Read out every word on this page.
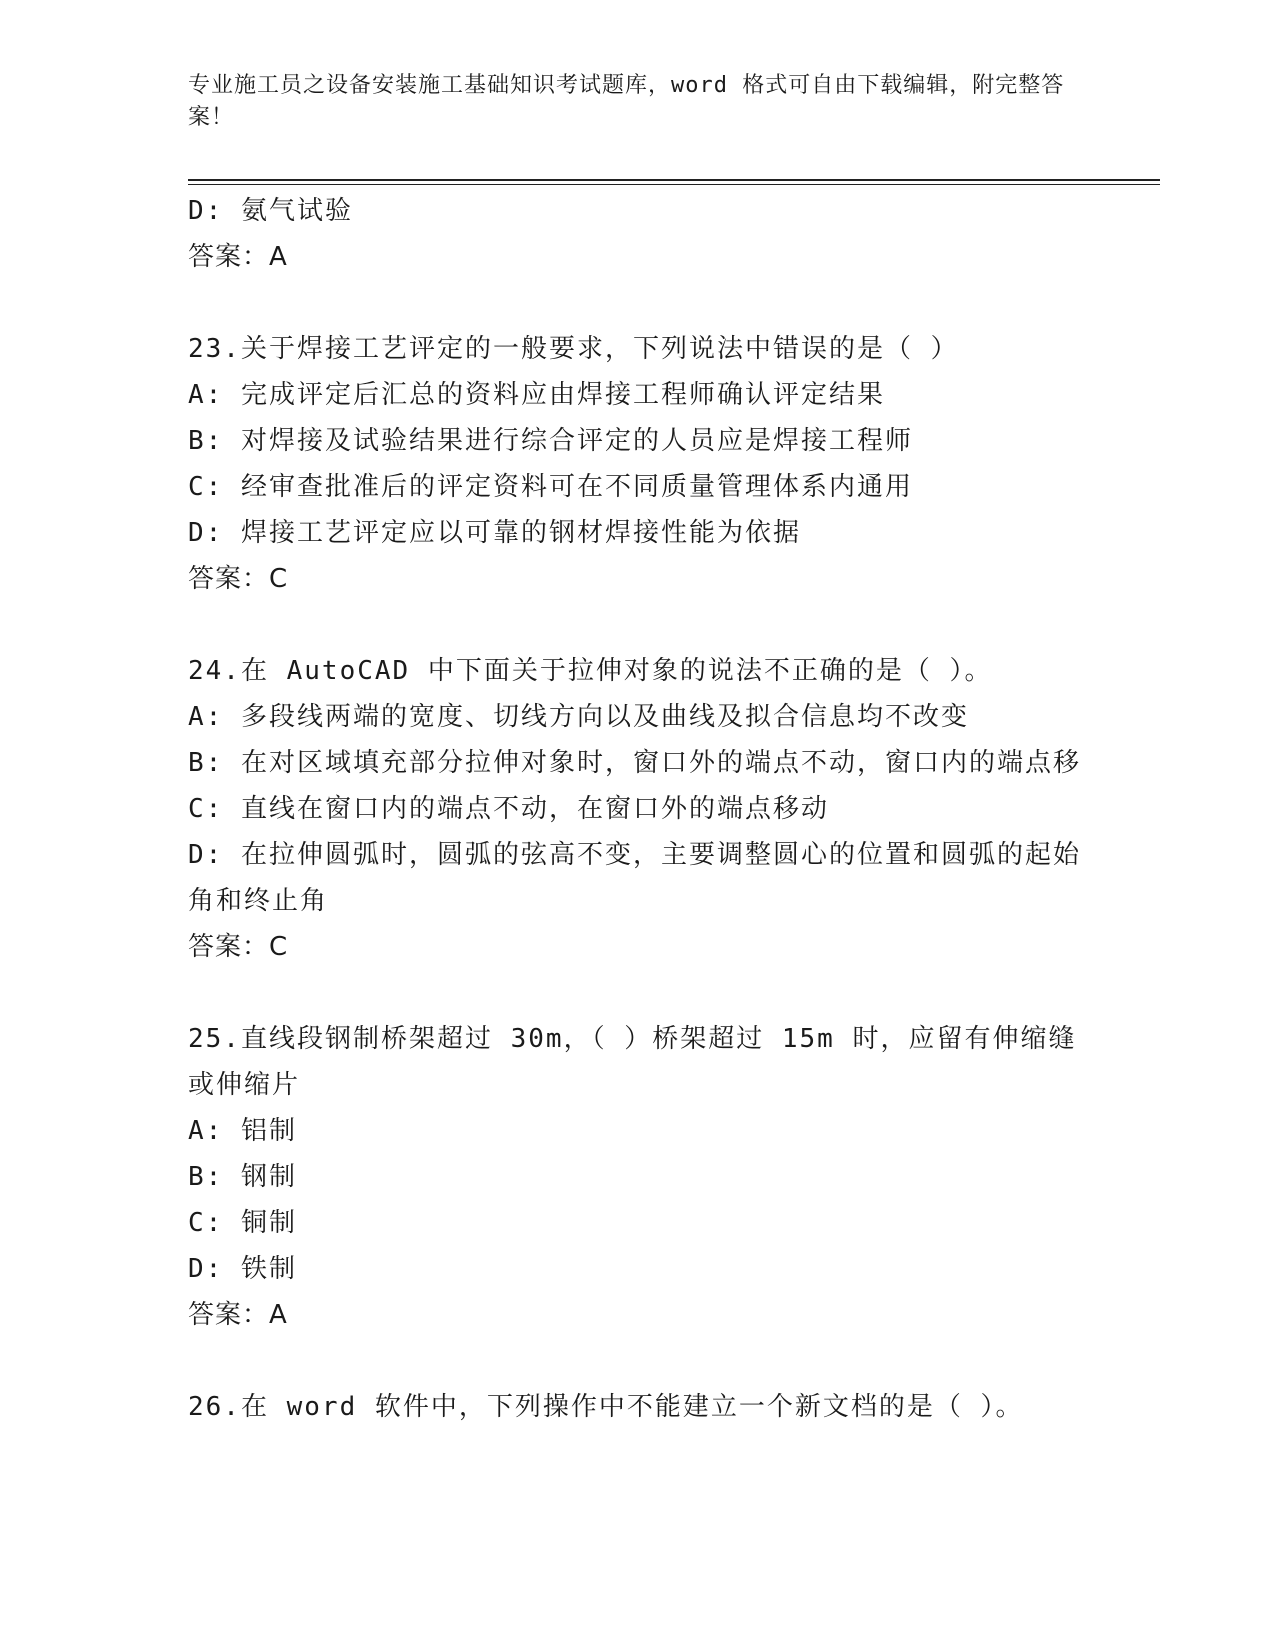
专业施工员之设备安装施工基础知识考试题库，word 格式可自由下载编辑，附完整答案！
D: 氨气试验
答案：A
23.关于焊接工艺评定的一般要求，下列说法中错误的是（ ）
A: 完成评定后汇总的资料应由焊接工程师确认评定结果
B: 对焊接及试验结果进行综合评定的人员应是焊接工程师
C: 经审查批准后的评定资料可在不同质量管理体系内通用
D: 焊接工艺评定应以可靠的钢材焊接性能为依据
答案：C
24.在 AutoCAD 中下面关于拉伸对象的说法不正确的是（ ）。
A: 多段线两端的宽度、切线方向以及曲线及拟合信息均不改变
B: 在对区域填充部分拉伸对象时，窗口外的端点不动，窗口内的端点移
C: 直线在窗口内的端点不动，在窗口外的端点移动
D: 在拉伸圆弧时，圆弧的弦高不变，主要调整圆心的位置和圆弧的起始角和终止角
答案：C
25.直线段钢制桥架超过 30m，（ ）桥架超过 15m 时，应留有伸缩缝或伸缩片
A: 铝制
B: 钢制
C: 铜制
D: 铁制
答案：A
26.在 word 软件中，下列操作中不能建立一个新文档的是（ ）。
